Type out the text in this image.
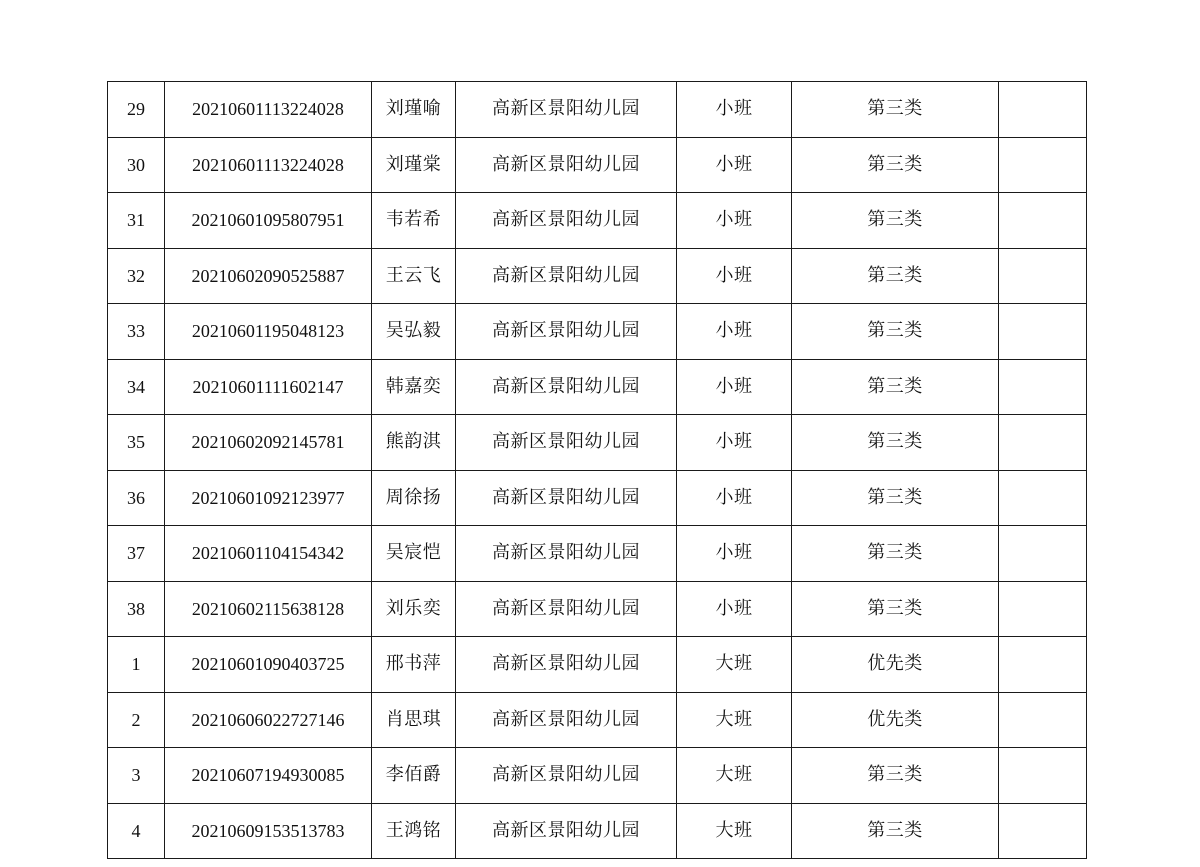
29	20210601113224028	刘瑾喻	高新区景阳幼儿园	小班	第三类	
30	20210601113224028	刘瑾棠	高新区景阳幼儿园	小班	第三类	
31	20210601095807951	韦若希	高新区景阳幼儿园	小班	第三类	
32	20210602090525887	王云飞	高新区景阳幼儿园	小班	第三类	
33	20210601195048123	吴弘毅	高新区景阳幼儿园	小班	第三类	
34	20210601111602147	韩嘉奕	高新区景阳幼儿园	小班	第三类	
35	20210602092145781	熊韵淇	高新区景阳幼儿园	小班	第三类	
36	20210601092123977	周徐扬	高新区景阳幼儿园	小班	第三类	
37	20210601104154342	吴宸恺	高新区景阳幼儿园	小班	第三类	
38	20210602115638128	刘乐奕	高新区景阳幼儿园	小班	第三类	
1	20210601090403725	邢书萍	高新区景阳幼儿园	大班	优先类	
2	20210606022727146	肖思琪	高新区景阳幼儿园	大班	优先类	
3	20210607194930085	李佰爵	高新区景阳幼儿园	大班	第三类	
4	20210609153513783	王鸿铭	高新区景阳幼儿园	大班	第三类	
